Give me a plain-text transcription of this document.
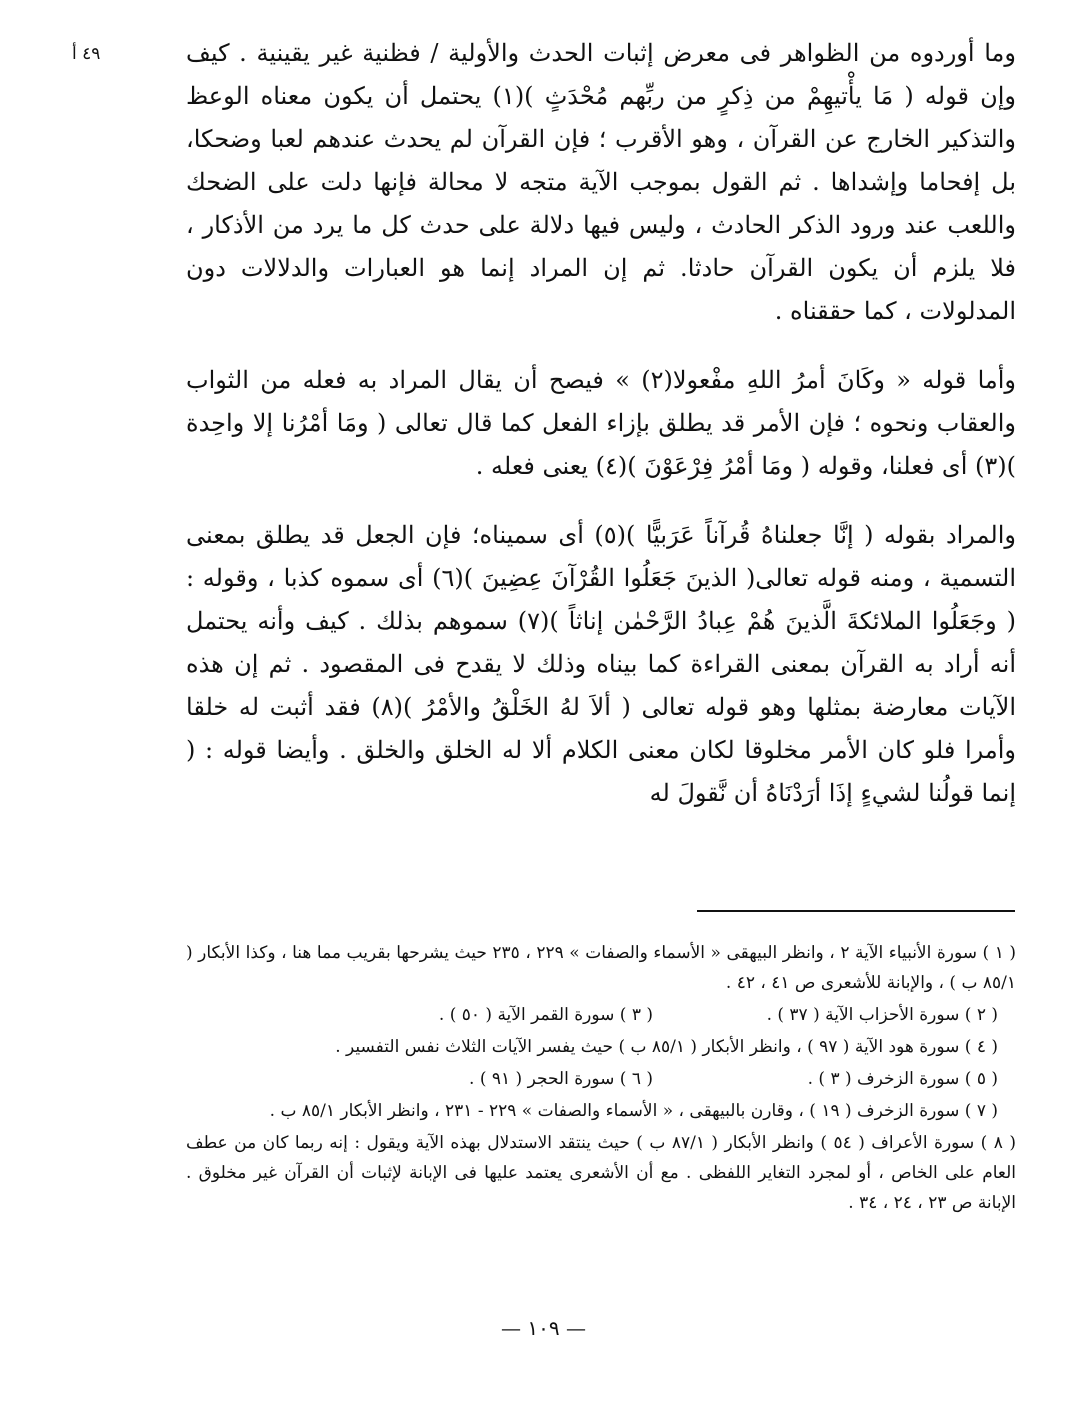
٤٩ أ	وما أوردوه من الظواهر فى معرض إثبات الحدث والأولية / فظنية غير يقينية . كيف وإن قوله ( مَا يأْتيهِمْ من ذِكرٍ من ربِّهم مُحْدَثٍ )(١) يحتمل أن يكون معناه الوعظ والتذكير الخارج عن القرآن ، وهو الأقرب ؛ فإن القرآن لم يحدث عندهم لعبا وضحكا، بل إفحاما وإشداها . ثم القول بموجب الآية متجه لا محالة فإنها دلت على الضحك واللعب عند ورود الذكر الحادث ، وليس فيها دلالة على حدث كل ما يرد من الأذكار ، فلا يلزم أن يكون القرآن حادثا. ثم إن المراد إنما هو العبارات والدلالات دون المدلولات ، كما حققناه .

وأما قوله « وكَانَ أمرُ اللهِ مفْعولا(٢) » فيصح أن يقال المراد به فعله من الثواب والعقاب ونحوه ؛ فإن الأمر قد يطلق بإزاء الفعل كما قال تعالى ( ومَا أمْرُنا إلا واحِدة )(٣) أى فعلنا، وقوله ( ومَا أمْرُ فِرْعَوْنَ )(٤) يعنى فعله .

والمراد بقوله ( إنَّا جعلناهُ قُرآناً عَرَبيًّا )(٥) أى سميناه؛ فإن الجعل قد يطلق بمعنى التسمية ، ومنه قوله تعالى( الذينَ جَعَلُوا القُرْآنَ عِضِينَ )(٦) أى سموه كذبا ، وقوله : ( وجَعَلُوا الملائكةَ الَّذينَ هُمْ عِبادُ الرَّحْمٰن إناثاً )(٧) سموهم بذلك . كيف وأنه يحتمل أنه أراد به القرآن بمعنى القراءة كما بيناه وذلك لا يقدح فى المقصود . ثم إن هذه الآيات معارضة بمثلها وهو قوله تعالى ( ألاَ لهُ الخَلْقُ والأمْرُ )(٨) فقد أثبت له خلقا وأمرا فلو كان الأمر مخلوقا لكان معنى الكلام ألا له الخلق والخلق . وأيضا قوله : ( إنما قولُنا لشيءٍ إذَا أرَدْنَاهُ أن نَّقولَ له

( ١ ) سورة الأنبياء الآية ٢ ، وانظر البيهقى « الأسماء والصفات » ٢٢٩ ، ٢٣٥ حيث يشرحها بقريب مما هنا ، وكذا الأبكار ( ٨٥/١ ب ) ، والإبانة للأشعرى ص ٤١ ، ٤٢ .

( ٢ ) سورة الأحزاب الآية ( ٣٧ ) .
( ٣ ) سورة القمر الآية ( ٥٠ ) .

( ٤ ) سورة هود الآية ( ٩٧ ) ، وانظر الأبكار ( ٨٥/١ ب ) حيث يفسر الآيات الثلاث نفس التفسير .

( ٥ ) سورة الزخرف ( ٣ ) .
( ٦ ) سورة الحجر ( ٩١ ) .

( ٧ ) سورة الزخرف ( ١٩ ) ، وقارن بالبيهقى ، « الأسماء والصفات » ٢٢٩ - ٢٣١ ، وانظر الأبكار ٨٥/١ ب .

( ٨ ) سورة الأعراف ( ٥٤ ) وانظر الأبكار ( ٨٧/١ ب ) حيث ينتقد الاستدلال بهذه الآية ويقول : إنه ربما كان من عطف العام على الخاص ، أو لمجرد التغاير اللفظى . مع أن الأشعرى يعتمد عليها فى الإبانة لإثبات أن القرآن غير مخلوق . الإبانة ص ٢٣ ، ٢٤ ، ٣٤ .

— ١٠٩ —
